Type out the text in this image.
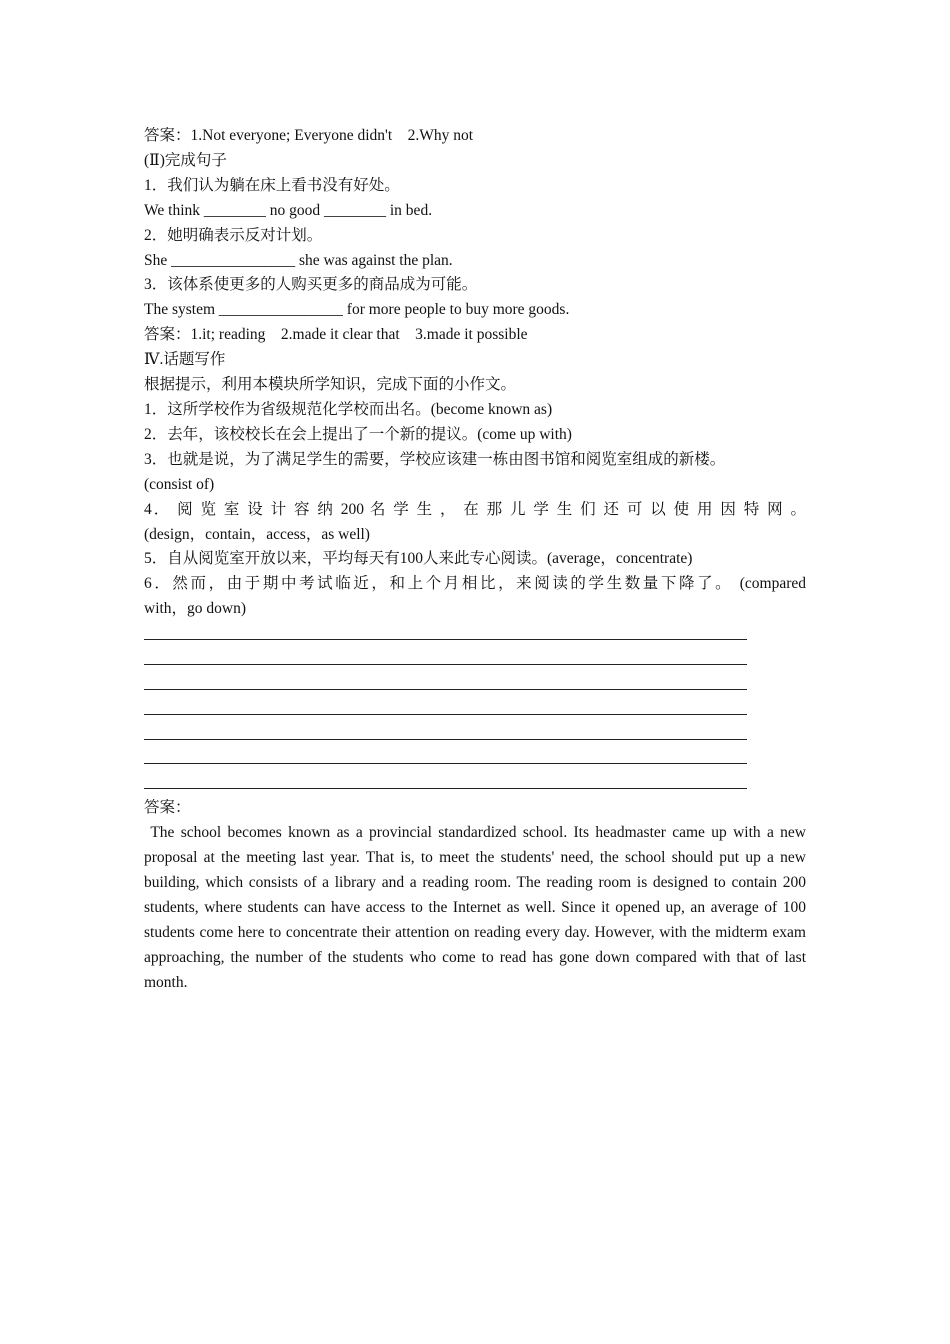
答案：1.Not everyone; Everyone didn't    2.Why not
(Ⅱ)完成句子
1．我们认为躺在床上看书没有好处。
We think ________ no good ________ in bed.
2．她明确表示反对计划。
She ________________ she was against the plan.
3．该体系使更多的人购买更多的商品成为可能。
The system ________________ for more people to buy more goods.
答案：1.it; reading    2.made it clear that    3.made it possible
Ⅳ.话题写作
根据提示，利用本模块所学知识，完成下面的小作文。
1．这所学校作为省级规范化学校而出名。(become known as)
2．去年，该校校长在会上提出了一个新的提议。(come up with)
3．也就是说，为了满足学生的需要，学校应该建一栋由图书馆和阅览室组成的新楼。
(consist of)
4． 阅 览 室 设 计 容 纳 200 名 学 生 ， 在 那 儿 学 生 们 还 可 以 使 用 因 特 网 。
(design，contain，access，as well)
5．自从阅览室开放以来，平均每天有100人来此专心阅读。(average，concentrate)
6．然而，由于期中考试临近，和上个月相比，来阅读的学生数量下降了。 (compared
with，go down)
答案：

The school becomes known as a provincial standardized school. Its headmaster came up with a new proposal at the meeting last year. That is, to meet the students' need, the school should put up a new building, which consists of a library and a reading room. The reading room is designed to contain 200 students, where students can have access to the Internet as well. Since it opened up, an average of 100 students come here to concentrate their attention on reading every day. However, with the midterm exam approaching, the number of the students who come to read has gone down compared with that of last month.
